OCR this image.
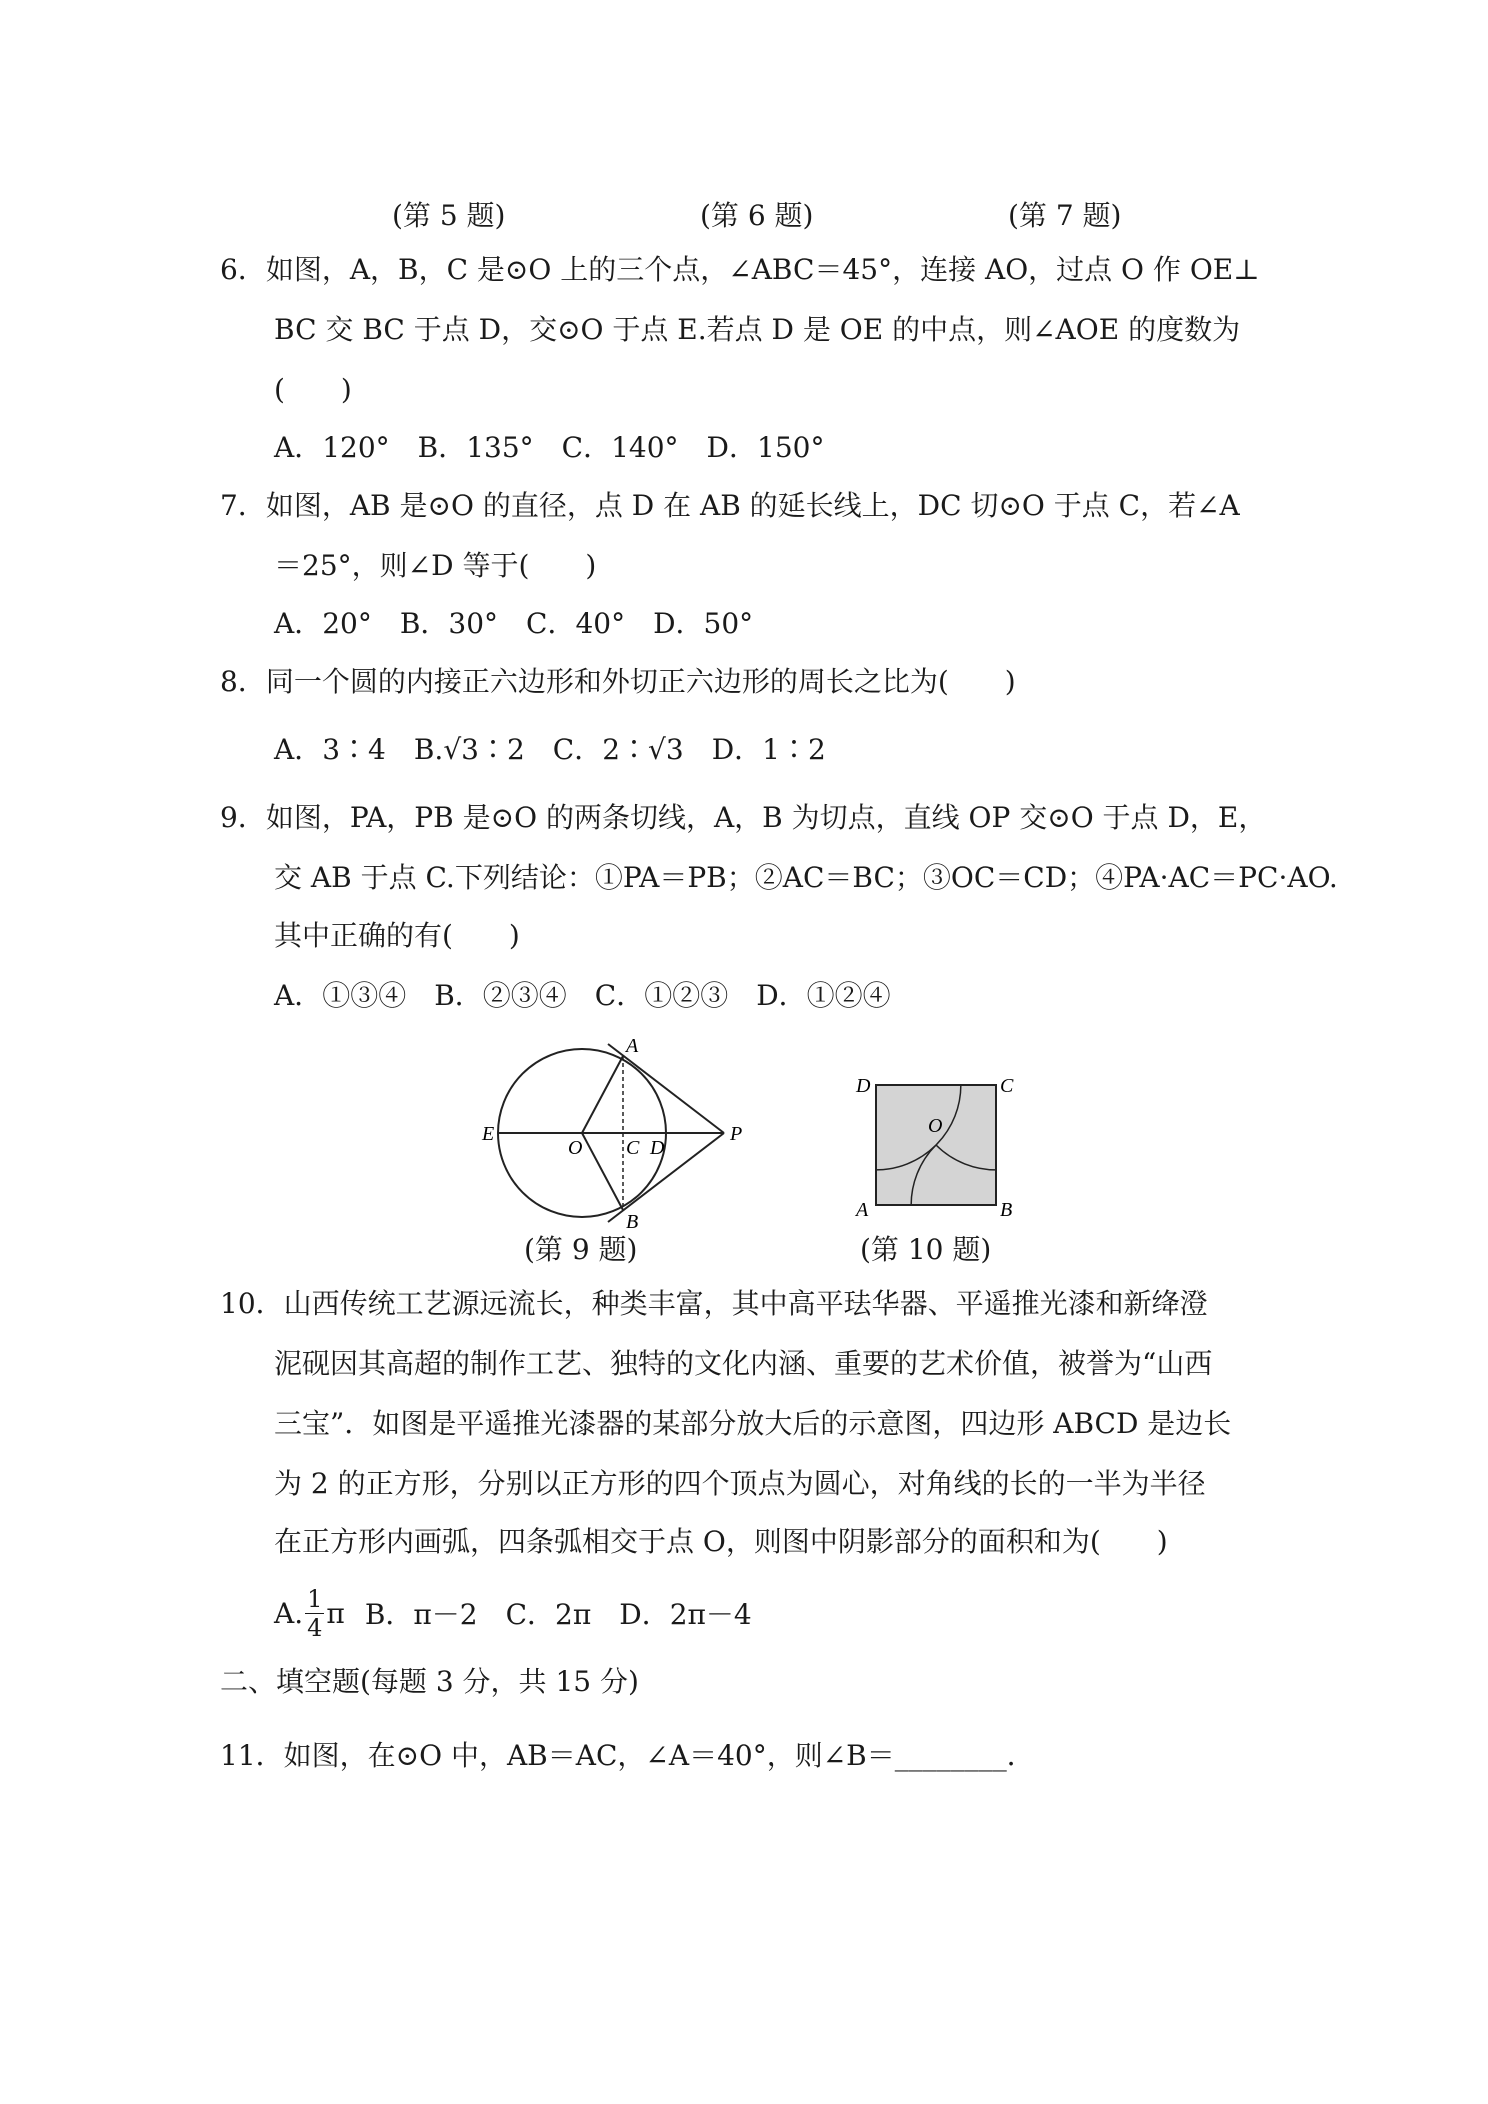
(第 5 题)	(第 6 题)	(第 7 题)
6．如图，A，B，C 是⊙O 上的三个点，∠ABC＝45°，连接 AO，过点 O 作 OE⊥
BC 交 BC 于点 D，交⊙O 于点 E.若点 D 是 OE 的中点，则∠AOE 的度数为
(　　)
A．120°　B．135°　C．140°　D．150°
7．如图，AB 是⊙O 的直径，点 D 在 AB 的延长线上，DC 切⊙O 于点 C，若∠A
＝25°，则∠D 等于(　　)
A．20°　B．30°　C．40°　D．50°
8．同一个圆的内接正六边形和外切正六边形的周长之比为(　　)
A．3∶4　B.√3∶2　C．2∶√3　D．1∶2
9．如图，PA，PB 是⊙O 的两条切线，A，B 为切点，直线 OP 交⊙O 于点 D，E，
交 AB 于点 C.下列结论：①PA＝PB；②AC＝BC；③OC＝CD；④PA·AC＝PC·AO.
其中正确的有(　　)
A．①③④　B．②③④　C．①②③　D．①②④
A
B
E
O C D
P
D	C
A	B
O
(第 9 题)	(第 10 题)
10．山西传统工艺源远流长，种类丰富，其中高平珐华器、平遥推光漆和新绛澄
泥砚因其高超的制作工艺、独特的文化内涵、重要的艺术价值，被誉为“山西
三宝”．如图是平遥推光漆器的某部分放大后的示意图，四边形 ABCD 是边长
为 2 的正方形，分别以正方形的四个顶点为圆心，对角线的长的一半为半径
在正方形内画弧，四条弧相交于点 O，则图中阴影部分的面积和为(　　)
A. $\frac{1}{4}$ π B．π－2　C．2π　D．2π－4
二、填空题(每题 3 分，共 15 分)
11．如图，在⊙O 中，AB＝AC，∠A＝40°，则∠B＝________．
